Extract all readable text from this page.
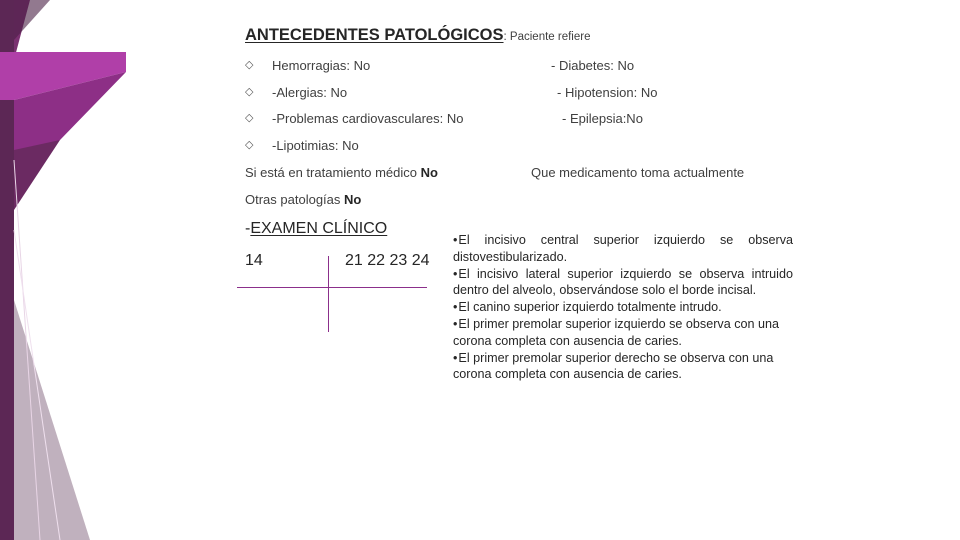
ANTECEDENTES PATOLÓGICOS: Paciente refiere
◇ Hemorragias: No
◇ -Alergias: No
◇ -Problemas cardiovasculares: No
◇ -Lipotimias: No
- Diabetes: No
- Hipotension: No
- Epilepsia:No
Si está en tratamiento médico No	Que medicamento toma actualmente
Otras patologías No
-EXAMEN CLÍNICO
14	21 22 23 24

•El incisivo central superior izquierdo se observa

distovestibularizado.

•El incisivo lateral superior izquierdo se observa intruido dentro del alveolo, observándose solo el borde incisal.

•El canino superior izquierdo totalmente intrudo.

•El primer premolar superior izquierdo se observa con una corona completa con ausencia de caries.

•El primer premolar superior derecho se observa con una corona completa con ausencia de caries.
